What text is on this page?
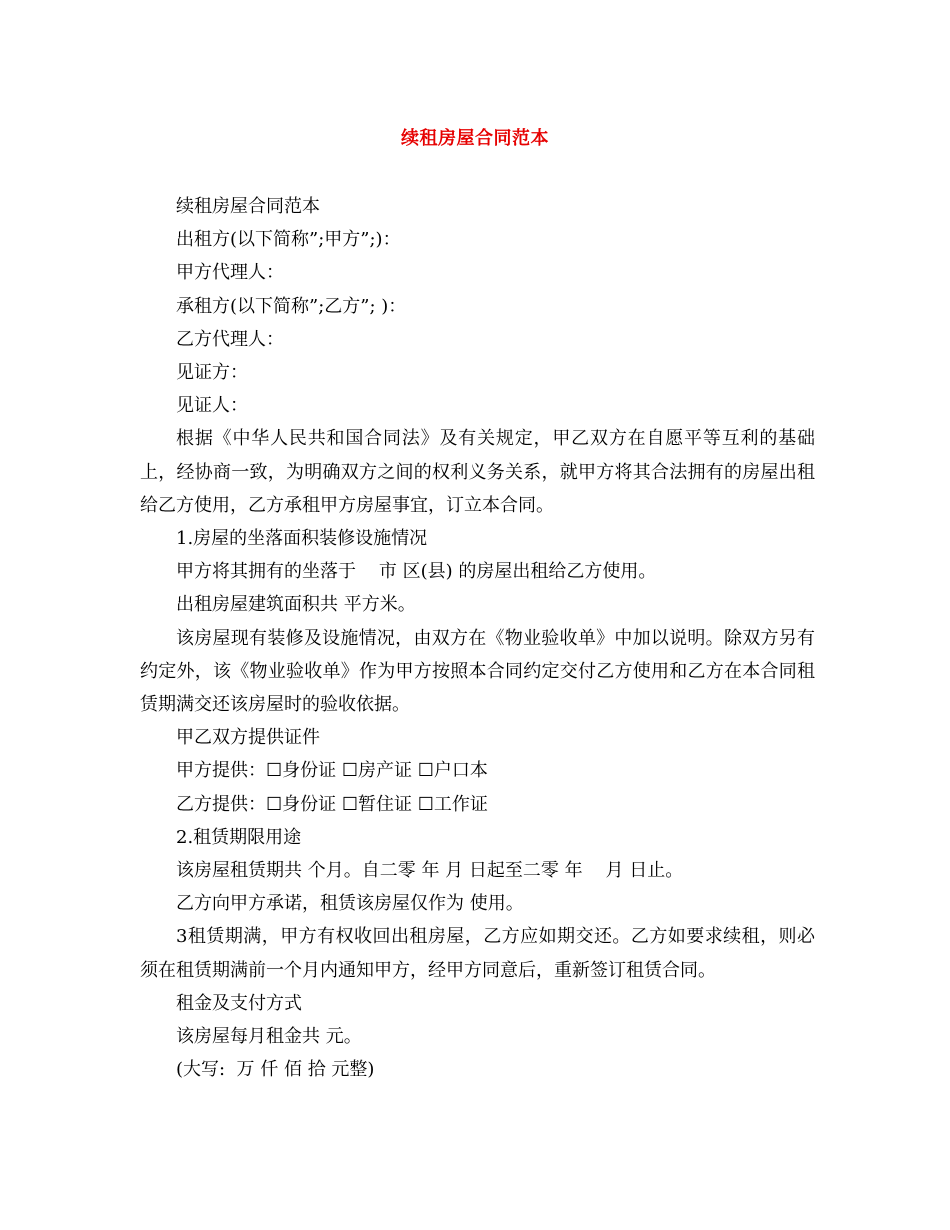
续租房屋合同范本

续租房屋合同范本

出租方(以下简称”;甲方”;)：

甲方代理人：

承租方(以下简称”;乙方”; )：

乙方代理人：

见证方：

见证人：

根据《中华人民共和国合同法》及有关规定，甲乙双方在自愿平等互利的基础上，经协商一致，为明确双方之间的权利义务关系，就甲方将其合法拥有的房屋出租给乙方使用，乙方承租甲方房屋事宜，订立本合同。

1.房屋的坐落面积装修设施情况

甲方将其拥有的坐落于    市 区(县) 的房屋出租给乙方使用。

出租房屋建筑面积共 平方米。

该房屋现有装修及设施情况，由双方在《物业验收单》中加以说明。除双方另有约定外，该《物业验收单》作为甲方按照本合同约定交付乙方使用和乙方在本合同租赁期满交还该房屋时的验收依据。

甲乙双方提供证件

甲方提供：☐身份证 ☐房产证 ☐户口本

乙方提供：☐身份证 ☐暂住证 ☐工作证

2.租赁期限用途

该房屋租赁期共 个月。自二零 年 月 日起至二零 年    月 日止。

乙方向甲方承诺，租赁该房屋仅作为 使用。

3租赁期满，甲方有权收回出租房屋，乙方应如期交还。乙方如要求续租，则必须在租赁期满前一个月内通知甲方，经甲方同意后，重新签订租赁合同。

租金及支付方式

该房屋每月租金共 元。

(大写:  万 仟 佰 拾 元整)
